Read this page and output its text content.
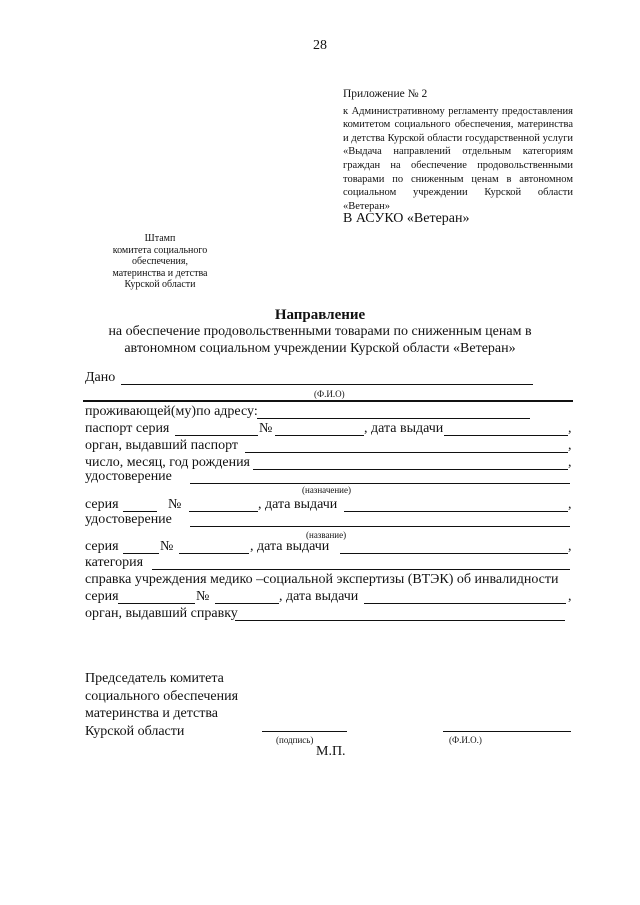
28
Приложение № 2
к Административному регламенту предоставления комитетом социального обеспечения, материнства и детства Курской области государственной услуги «Выдача направлений отдельным категориям граждан на обеспечение продовольственными товарами по сниженным ценам в автономном социальном учреждении Курской области «Ветеран»
В АСУКО «Ветеран»
Штамп
комитета социального обеспечения,
материнства и детства
Курской области
Направление
на обеспечение продовольственными товарами по сниженным ценам в автономном социальном учреждении Курской области «Ветеран»
Дано
(Ф.И.О)
проживающей(му)по адресу:
паспорт серия	№	, дата выдачи	,
орган, выдавший паспорт	,
число, месяц, год рождения	,
удостоверение
(назначение)
серия	№	, дата выдачи	,
удостоверение
(название)
серия	№	, дата выдачи	,
категория
справка учреждения медико –социальной экспертизы (ВТЭК) об инвалидности
серия	№	, дата выдачи	,
орган, выдавший справку
Председатель комитета
социального обеспечения
материнства и детства
Курской области
(подпись)	(Ф.И.О.)
М.П.
